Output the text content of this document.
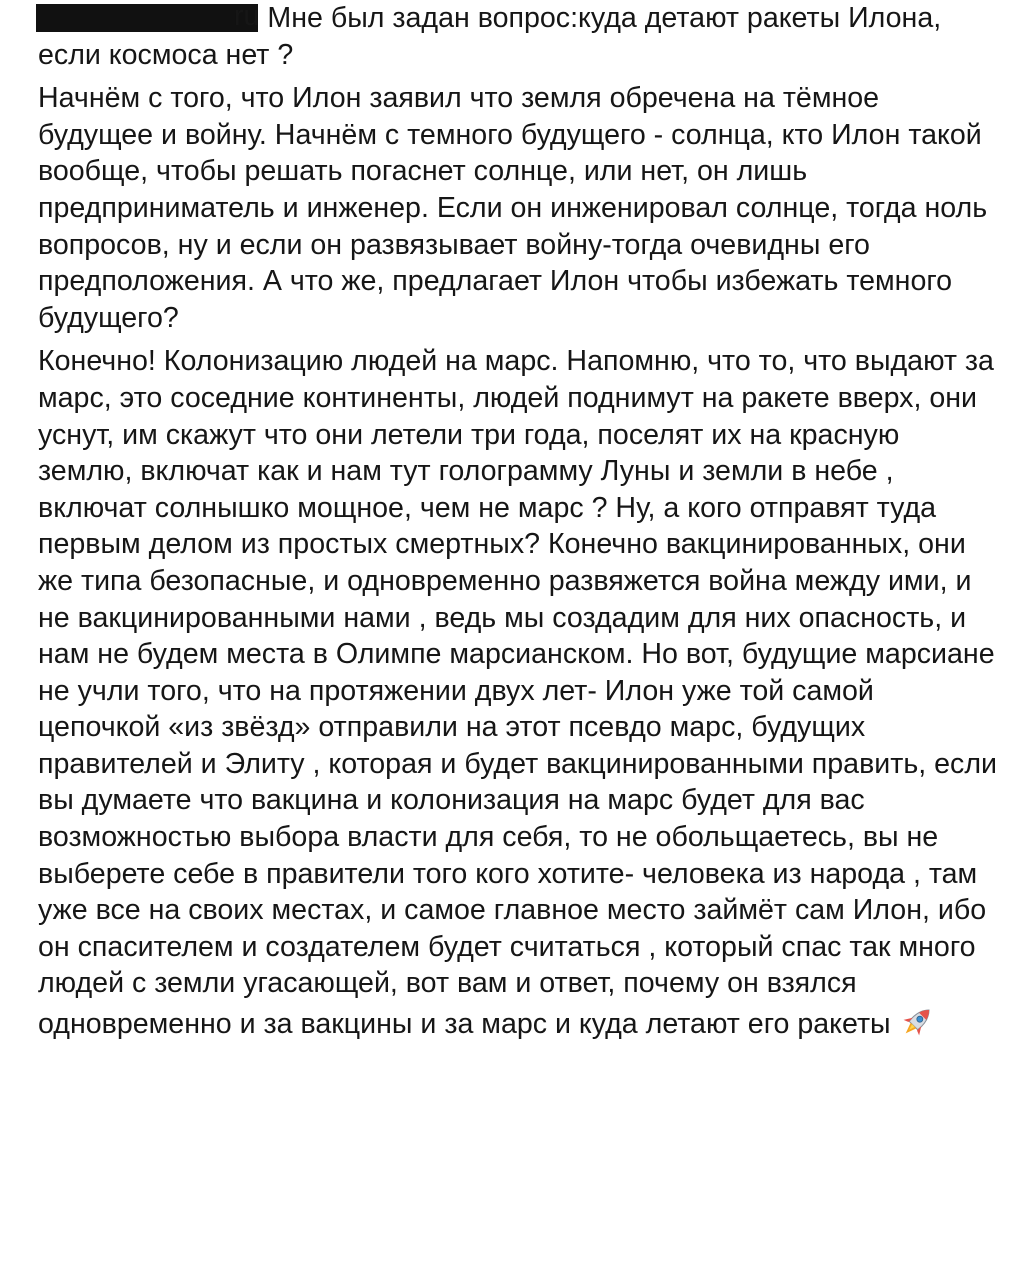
ru Мне был задан вопрос:куда детают ракеты Илона, если космоса нет ?
Начнём с того, что Илон заявил что земля обречена на тёмное будущее и войну. Начнём с темного будущего - солнца, кто Илон такой вообще, чтобы решать погаснет солнце, или нет, он лишь предприниматель и инженер. Если он инженировал солнце, тогда ноль вопросов, ну и если он развязывает войну-тогда очевидны его предположения. А что же, предлагает Илон чтобы избежать темного будущего?
Конечно! Колонизацию людей на марс. Напомню, что то, что выдают за марс, это соседние континенты, людей поднимут на ракете вверх, они уснут, им скажут что они летели три года, поселят их на красную землю, включат как и нам тут голограмму Луны и земли в небе , включат солнышко мощное, чем не марс ? Ну, а кого отправят туда первым делом из простых смертных? Конечно вакцинированных, они же типа безопасные, и одновременно развяжется война между ими, и не вакцинированными нами , ведь мы создадим для них опасность, и нам не будем места в Олимпе марсианском. Но вот, будущие марсиане не учли того, что на протяжении двух лет- Илон уже той самой цепочкой «из звёзд» отправили на этот псевдо марс, будущих правителей и Элиту , которая и будет вакцинированными править, если вы думаете что вакцина и колонизация на марс будет для вас возможностью выбора власти для себя, то не обольщаетесь, вы не выберете себе в правители того кого хотите- человека из народа , там уже все на своих местах, и самое главное место займёт сам Илон, ибо он спасителем и создателем будет считаться , который спас так много людей с земли угасающей, вот вам и ответ, почему он взялся одновременно и за вакцины и за марс и куда летают его ракеты
